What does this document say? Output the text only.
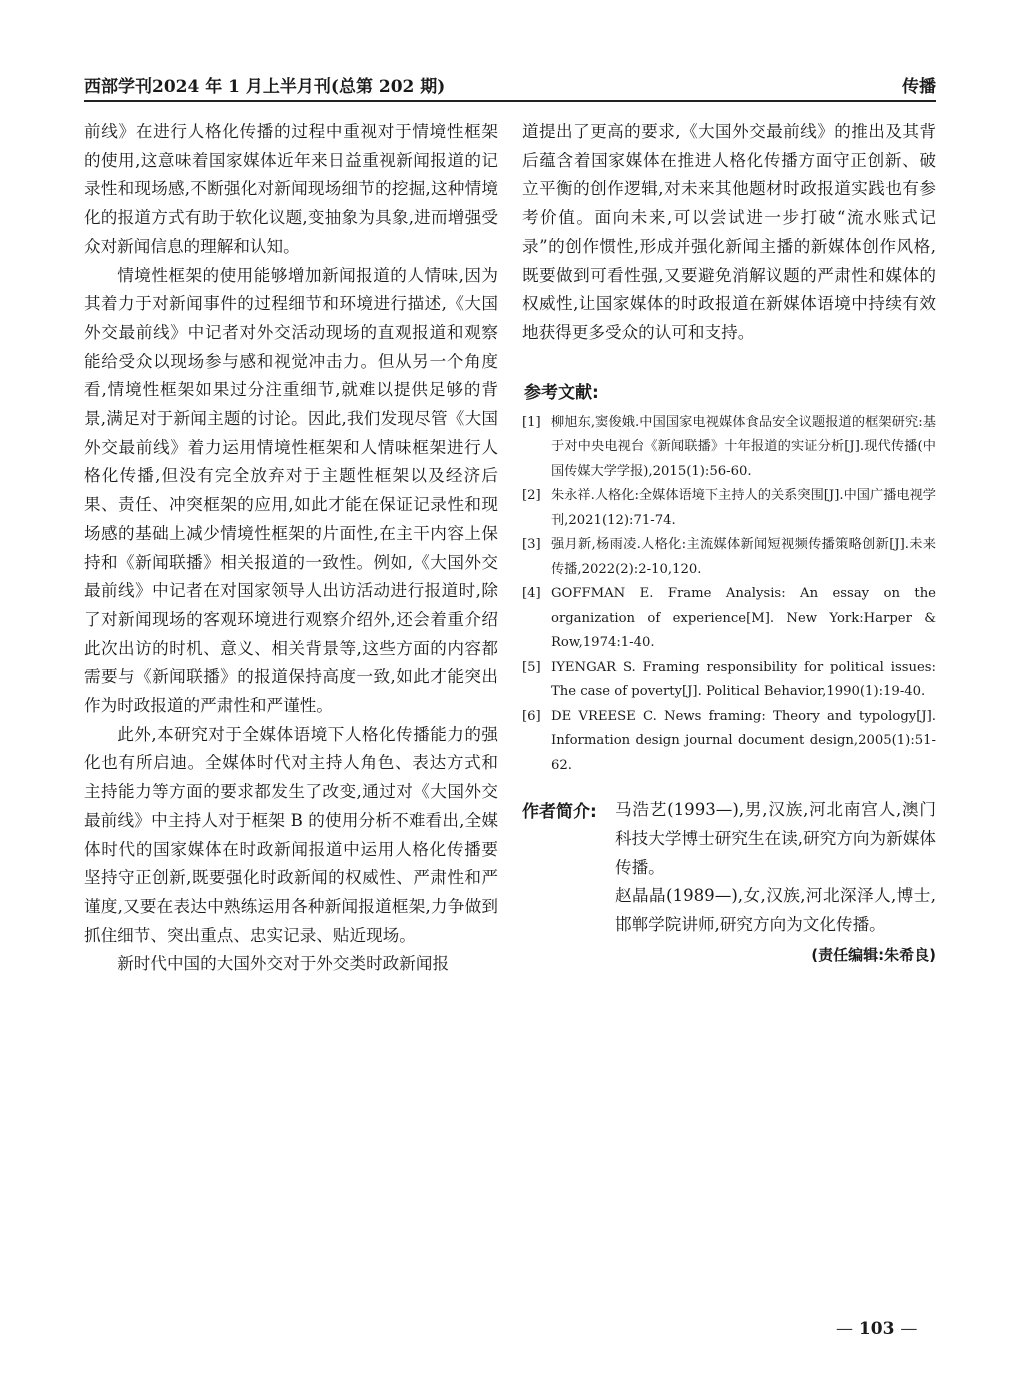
西部学刊2024 年 1 月上半月刊(总第 202 期)	传播

前线》在进行人格化传播的过程中重视对于情境性框架的使用,这意味着国家媒体近年来日益重视新闻报道的记录性和现场感,不断强化对新闻现场细节的挖掘,这种情境化的报道方式有助于软化议题,变抽象为具象,进而增强受众对新闻信息的理解和认知。

情境性框架的使用能够增加新闻报道的人情味,因为其着力于对新闻事件的过程细节和环境进行描述,《大国外交最前线》中记者对外交活动现场的直观报道和观察能给受众以现场参与感和视觉冲击力。但从另一个角度看,情境性框架如果过分注重细节,就难以提供足够的背景,满足对于新闻主题的讨论。因此,我们发现尽管《大国外交最前线》着力运用情境性框架和人情味框架进行人格化传播,但没有完全放弃对于主题性框架以及经济后果、责任、冲突框架的应用,如此才能在保证记录性和现场感的基础上减少情境性框架的片面性,在主干内容上保持和《新闻联播》相关报道的一致性。例如,《大国外交最前线》中记者在对国家领导人出访活动进行报道时,除了对新闻现场的客观环境进行观察介绍外,还会着重介绍此次出访的时机、意义、相关背景等,这些方面的内容都需要与《新闻联播》的报道保持高度一致,如此才能突出作为时政报道的严肃性和严谨性。

此外,本研究对于全媒体语境下人格化传播能力的强化也有所启迪。全媒体时代对主持人角色、表达方式和主持能力等方面的要求都发生了改变,通过对《大国外交最前线》中主持人对于框架 B 的使用分析不难看出,全媒体时代的国家媒体在时政新闻报道中运用人格化传播要坚持守正创新,既要强化时政新闻的权威性、严肃性和严谨度,又要在表达中熟练运用各种新闻报道框架,力争做到抓住细节、突出重点、忠实记录、贴近现场。

新时代中国的大国外交对于外交类时政新闻报

道提出了更高的要求,《大国外交最前线》的推出及其背后蕴含着国家媒体在推进人格化传播方面守正创新、破立平衡的创作逻辑,对未来其他题材时政报道实践也有参考价值。面向未来,可以尝试进一步打破“流水账式记录”的创作惯性,形成并强化新闻主播的新媒体创作风格,既要做到可看性强,又要避免消解议题的严肃性和媒体的权威性,让国家媒体的时政报道在新媒体语境中持续有效地获得更多受众的认可和支持。

参考文献:

[1] 柳旭东,窦俊娥.中国国家电视媒体食品安全议题报道的框架研究:基于对中央电视台《新闻联播》十年报道的实证分析[J].现代传播(中国传媒大学学报),2015(1):56-60.

[2] 朱永祥.人格化:全媒体语境下主持人的关系突围[J].中国广播电视学刊,2021(12):71-74.

[3] 强月新,杨雨凌.人格化:主流媒体新闻短视频传播策略创新[J].未来传播,2022(2):2-10,120.

[4] GOFFMAN E. Frame Analysis: An essay on the organization of experience[M]. New York:Harper & Row,1974:1-40.

[5] IYENGAR S. Framing responsibility for political issues: The case of poverty[J]. Political Behavior,1990(1):19-40.

[6] DE VREESE C. News framing: Theory and typology[J]. Information design journal document design,2005(1):51-62.

作者简介: 马浩艺(1993—),男,汉族,河北南宫人,澳门科技大学博士研究生在读,研究方向为新媒体传播。

赵晶晶(1989—),女,汉族,河北深泽人,博士,邯郸学院讲师,研究方向为文化传播。

(责任编辑:朱希良)
— 103 —
